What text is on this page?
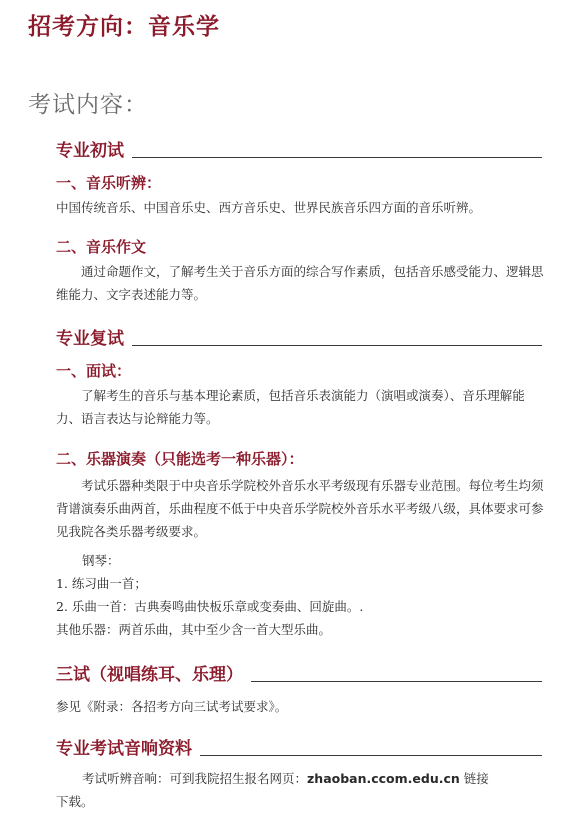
招考方向：音乐学
考试内容：
专业初试
一、音乐听辨：
中国传统音乐、中国音乐史、西方音乐史、世界民族音乐四方面的音乐听辨。
二、音乐作文
通过命题作文，了解考生关于音乐方面的综合写作素质，包括音乐感受能力、逻辑思维能力、文字表述能力等。
专业复试
一、面试：
了解考生的音乐与基本理论素质，包括音乐表演能力（演唱或演奏）、音乐理解能力、语言表达与论辩能力等。
二、乐器演奏（只能选考一种乐器）：
考试乐器种类限于中央音乐学院校外音乐水平考级现有乐器专业范围。每位考生均须背谱演奏乐曲两首，乐曲程度不低于中央音乐学院校外音乐水平考级八级，具体要求可参见我院各类乐器考级要求。
钢琴：
1. 练习曲一首；
2. 乐曲一首：古典奏鸣曲快板乐章或变奏曲、回旋曲。.
其他乐器：两首乐曲，其中至少含一首大型乐曲。
三试（视唱练耳、乐理）
参见《附录：各招考方向三试考试要求》。
专业考试音响资料
考试听辨音响：可到我院招生报名网页：zhaoban.ccom.edu.cn 链接
下载。
